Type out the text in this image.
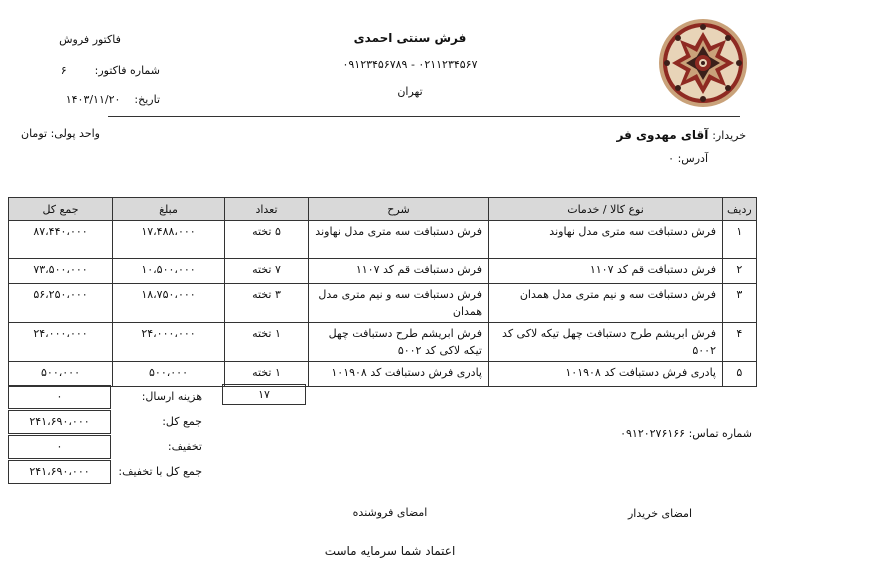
فرش سنتی احمدی
۰۹۱۲۳۴۵۶۷۸۹ - ۰۲۱۱۲۳۴۵۶۷
تهران
فاکتور فروش
شماره فاکتور:        ۶
تاریخ:    ۱۴۰۳/۱۱/۲۰
خریدار: آقای مهدوی فر
آدرس: ۰
واحد پولی: تومان
ردیف	نوع کالا / خدمات	شرح	تعداد	مبلغ	جمع کل
۱	فرش دستبافت سه متری مدل نهاوند	فرش دستبافت سه متری مدل نهاوند	۵ تخته	۱۷،۴۸۸،۰۰۰	۸۷،۴۴۰،۰۰۰
۲	فرش دستبافت قم کد ۱۱۰۷	فرش دستبافت قم کد ۱۱۰۷	۷ تخته	۱۰،۵۰۰،۰۰۰	۷۳،۵۰۰،۰۰۰
۳	فرش دستبافت سه و نیم متری مدل همدان	فرش دستبافت سه و نیم متری مدل همدان	۳ تخته	۱۸،۷۵۰،۰۰۰	۵۶،۲۵۰،۰۰۰
۴	فرش ابریشم طرح دستبافت چهل تیکه لاکی کد ۵۰۰۲	فرش ابریشم طرح دستبافت چهل تیکه لاکی کد ۵۰۰۲	۱ تخته	۲۴،۰۰۰،۰۰۰	۲۴،۰۰۰،۰۰۰
۵	پادری فرش دستبافت کد ۱۰۱۹۰۸	پادری فرش دستبافت کد ۱۰۱۹۰۸	۱ تخته	۵۰۰،۰۰۰	۵۰۰،۰۰۰
۱۷
۰	هزینه ارسال:
۲۴۱،۶۹۰،۰۰۰	جمع کل:
۰	تخفیف:
۲۴۱،۶۹۰،۰۰۰	جمع کل با تخفیف:
شماره تماس: ۰۹۱۲۰۲۷۶۱۶۶
امضای فروشنده	امضای خریدار
اعتماد شما سرمایه ماست
